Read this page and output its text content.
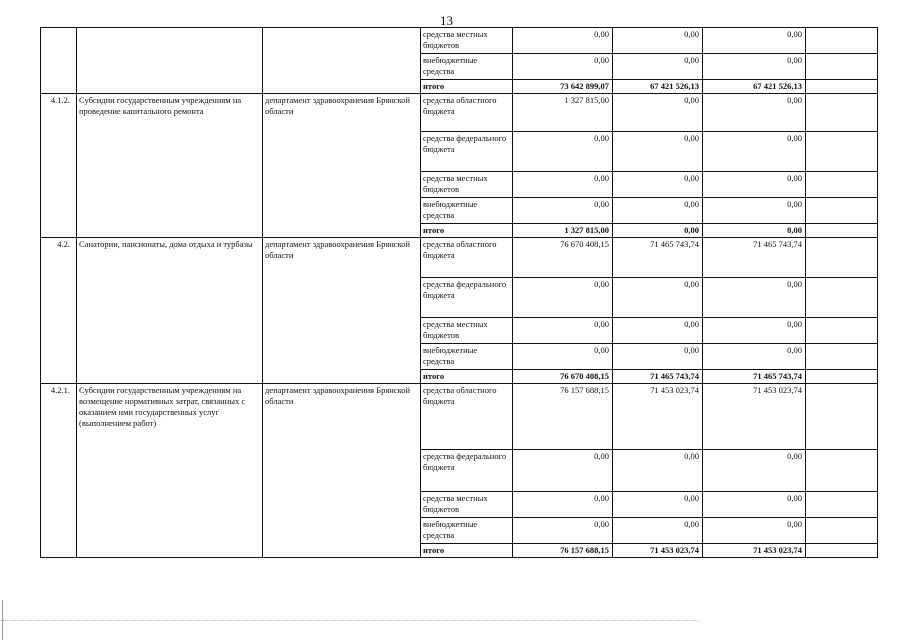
13
			средства местных бюджетов	0,00	0,00	0,00	
			внебюджетные средства	0,00	0,00	0,00	
			итого	73 642 899,07	67 421 526,13	67 421 526,13	
4.1.2.	Субсидии государственным учреждениям на проведение капитального ремонта	департамент здравоохранения Брянской области	средства областного бюджета	1 327 815,00	0,00	0,00	
			средства федерального бюджета	0,00	0,00	0,00	
			средства местных бюджетов	0,00	0,00	0,00	
			внебюджетные средства	0,00	0,00	0,00	
			итого	1 327 815,00	0,00	0,00	
4.2.	Санатории, пансионаты, дома отдыха и турбазы	департамент здравоохранения Брянской области	средства областного бюджета	76 670 408,15	71 465 743,74	71 465 743,74	
			средства федерального бюджета	0,00	0,00	0,00	
			средства местных бюджетов	0,00	0,00	0,00	
			внебюджетные средства	0,00	0,00	0,00	
			итого	76 670 408,15	71 465 743,74	71 465 743,74	
4.2.1.	Субсидии государственным учреждениям на возмещение нормативных затрат, связанных с оказанием ими государственных услуг (выполнением работ)	департамент здравоохранения Брянской области	средства областного бюджета	76 157 688,15	71 453 023,74	71 453 023,74	
			средства федерального бюджета	0,00	0,00	0,00	
			средства местных бюджетов	0,00	0,00	0,00	
			внебюджетные средства	0,00	0,00	0,00	
			итого	76 157 688,15	71 453 023,74	71 453 023,74	
